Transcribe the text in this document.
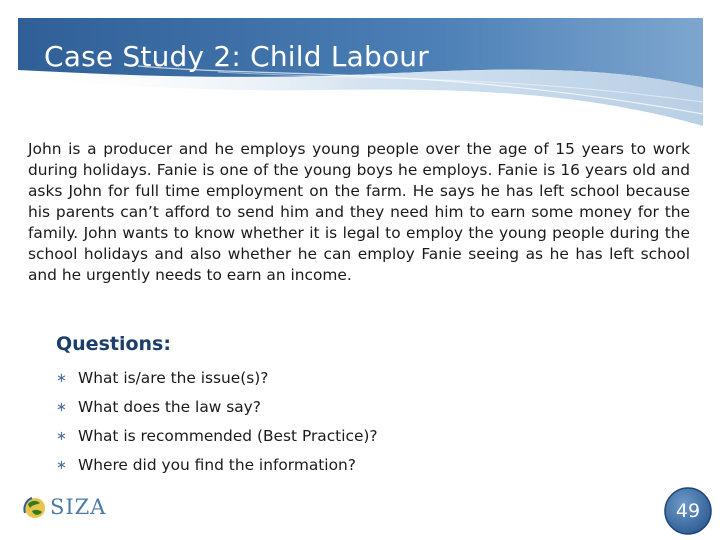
Case Study 2: Child Labour

John is a producer and he employs young people over the age of 15 years to work during holidays. Fanie is one of the young boys he employs. Fanie is 16 years old and asks John for full time employment on the farm. He says he has left school because his parents can’t afford to send him and they need him to earn some money for the family. John wants to know whether it is legal to employ the young people during the school holidays and also whether he can employ Fanie seeing as he has left school and he urgently needs to earn an income.

Questions:
∗ What is/are the issue(s)?
∗ What does the law say?
∗ What is recommended (Best Practice)?
∗ Where did you find the information?
SIZA	49
